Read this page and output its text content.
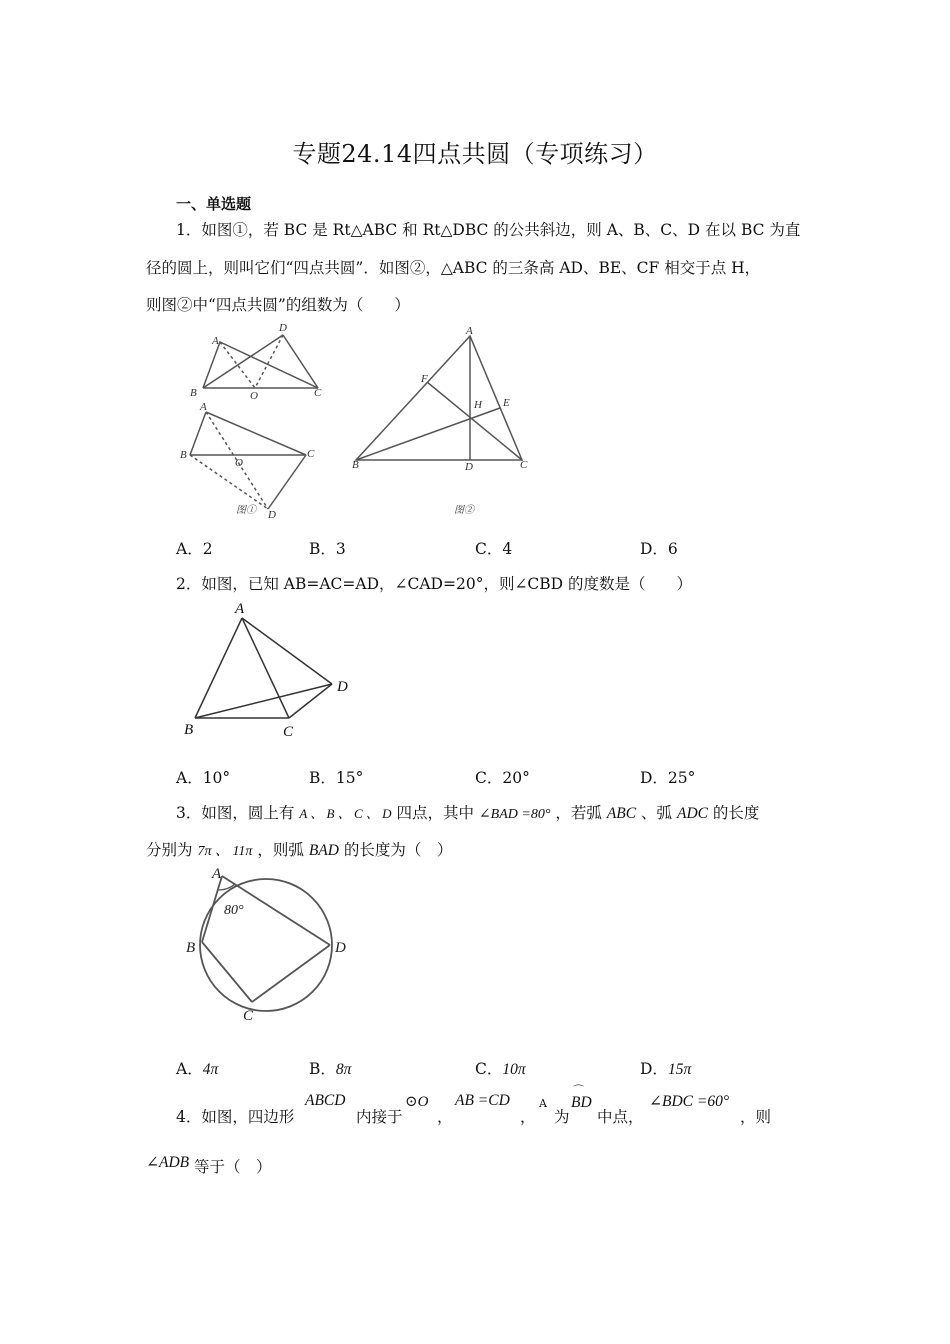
专题24.14四点共圆（专项练习）
一、单选题
1．如图①，若 BC 是 Rt△ABC 和 Rt△DBC 的公共斜边，则 A、B、C、D 在以 BC 为直
径的圆上，则叫它们“四点共圆”．如图②，△ABC 的三条高 AD、BE、CF 相交于点 H，
则图②中“四点共圆”的组数为（　　）
A
D
B	O	C
A
B
O
C
D
A
F
H E
B	D	C
图①	图②
A．2	B．3	C．4	D．6
2．如图，已知 AB=AC=AD，∠CAD=20°，则∠CBD 的度数是（　　）
A
B	C
D
A．10°	B．15°	C．20°	D．25°
3．如图，圆上有 A 、 B 、 C 、 D 四点，其中 ∠BAD =80° ，若弧 ABC 、弧 ADC 的长度
分别为 7π 、 11π ，则弧 BAD 的长度为（　）
A
B
C
D
80°
A．4π	B．8π	C．10π	D．15π
4．如图，四边形
ABCD
内接于
⊙O
，
AB =CD
，
A
为
⌒
BD
中点，
∠BDC =60°
，则
∠ADB 等于（　）
